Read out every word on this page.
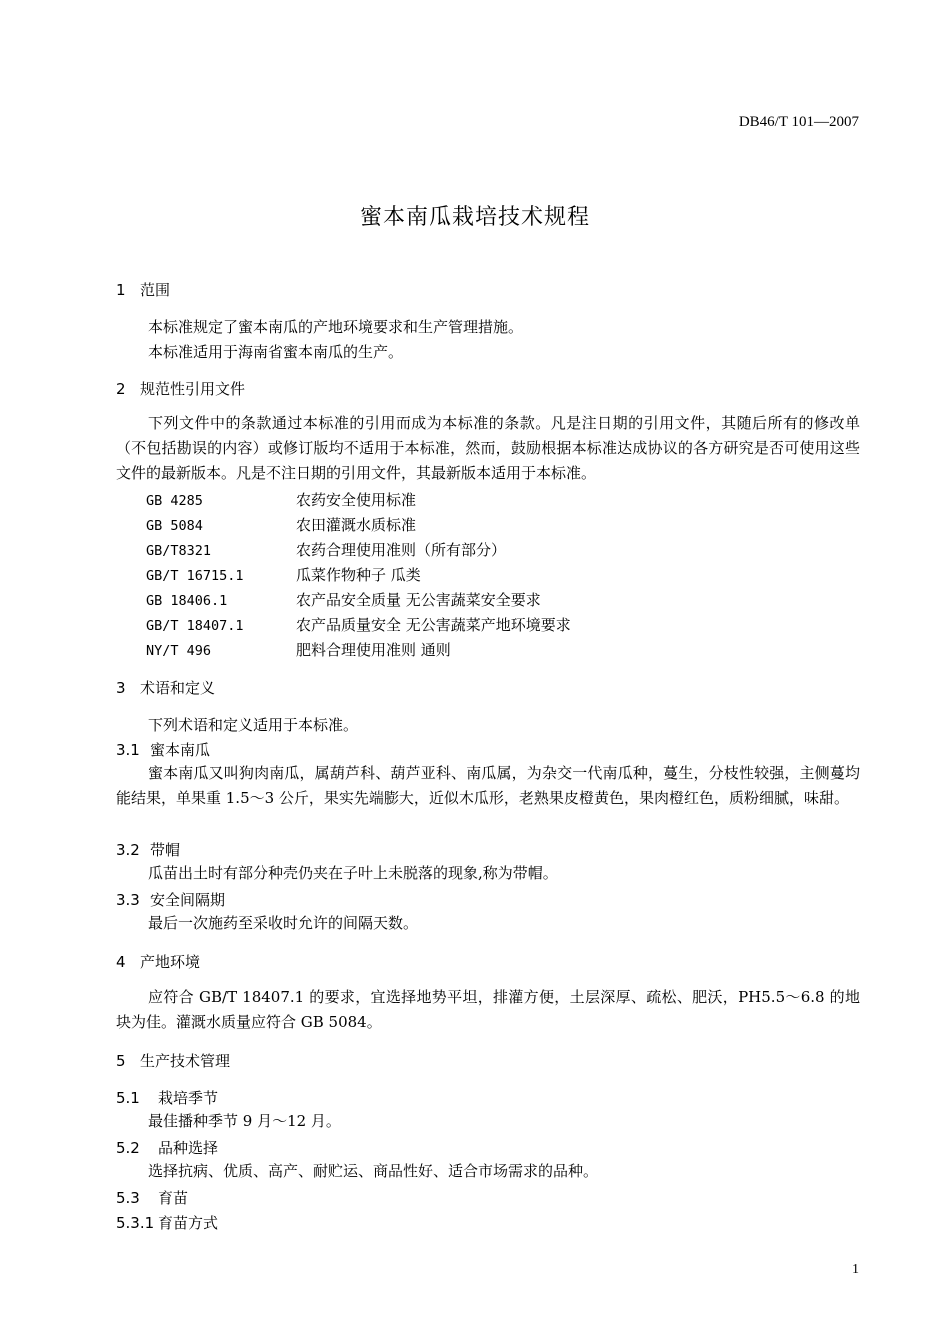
DB46/T 101—2007
蜜本南瓜栽培技术规程
1 范围
本标准规定了蜜本南瓜的产地环境要求和生产管理措施。
本标准适用于海南省蜜本南瓜的生产。
2 规范性引用文件
下列文件中的条款通过本标准的引用而成为本标准的条款。凡是注日期的引用文件，其随后所有的修改单（不包括勘误的内容）或修订版均不适用于本标准，然而，鼓励根据本标准达成协议的各方研究是否可使用这些文件的最新版本。凡是不注日期的引用文件，其最新版本适用于本标准。
GB 4285	农药安全使用标准
GB 5084	农田灌溉水质标准
GB/T8321	农药合理使用准则（所有部分）
GB/T 16715.1	瓜菜作物种子 瓜类
GB 18406.1	农产品安全质量 无公害蔬菜安全要求
GB/T 18407.1	农产品质量安全 无公害蔬菜产地环境要求
NY/T 496	肥料合理使用准则 通则
3 术语和定义
下列术语和定义适用于本标准。
3.1 蜜本南瓜
蜜本南瓜又叫狗肉南瓜，属葫芦科、葫芦亚科、南瓜属，为杂交一代南瓜种，蔓生，分枝性较强，主侧蔓均能结果，单果重 1.5～3 公斤，果实先端膨大，近似木瓜形，老熟果皮橙黄色，果肉橙红色，质粉细腻，味甜。
3.2 带帽
瓜苗出土时有部分种壳仍夹在子叶上未脱落的现象,称为带帽。
3.3 安全间隔期
最后一次施药至采收时允许的间隔天数。
4 产地环境
应符合 GB/T 18407.1 的要求，宜选择地势平坦，排灌方便，土层深厚、疏松、肥沃，PH5.5～6.8 的地块为佳。灌溉水质量应符合 GB 5084。
5 生产技术管理
5.1 栽培季节
最佳播种季节 9 月～12 月。
5.2 品种选择
选择抗病、优质、高产、耐贮运、商品性好、适合市场需求的品种。
5.3 育苗
5.3.1 育苗方式
1
